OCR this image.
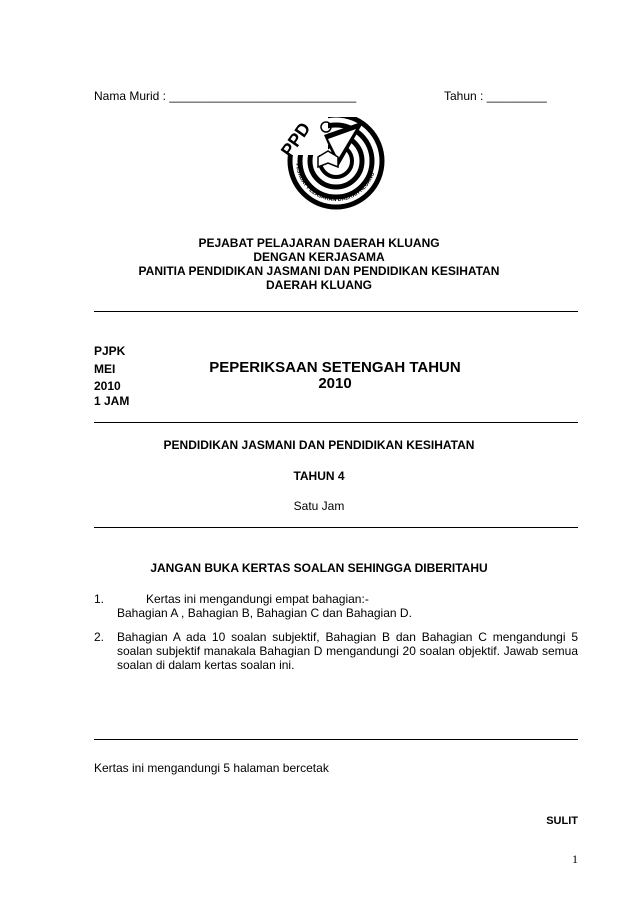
Nama Murid : ____________________________	Tahun : _________
PPD
PEJABAT PELAJARAN DAERAH KLUANG
PEJABAT PELAJARAN DAERAH KLUANG
DENGAN KERJASAMA
PANITIA PENDIDIKAN JASMANI DAN PENDIDIKAN KESIHATAN
DAERAH KLUANG
PJPK
MEI
2010
1 JAM
PEPERIKSAAN SETENGAH TAHUN
2010
PENDIDIKAN JASMANI DAN PENDIDIKAN KESIHATAN
TAHUN 4
Satu Jam
JANGAN BUKA KERTAS SOALAN SEHINGGA DIBERITAHU
1.	Kertas ini mengandungi empat bahagian:-
Bahagian A , Bahagian B, Bahagian C dan Bahagian D.
2. Bahagian A ada 10 soalan subjektif, Bahagian B dan Bahagian C mengandungi 5 soalan subjektif manakala Bahagian D mengandungi 20 soalan objektif. Jawab semua soalan di dalam kertas soalan ini.
Kertas ini mengandungi 5 halaman bercetak
SULIT
1
